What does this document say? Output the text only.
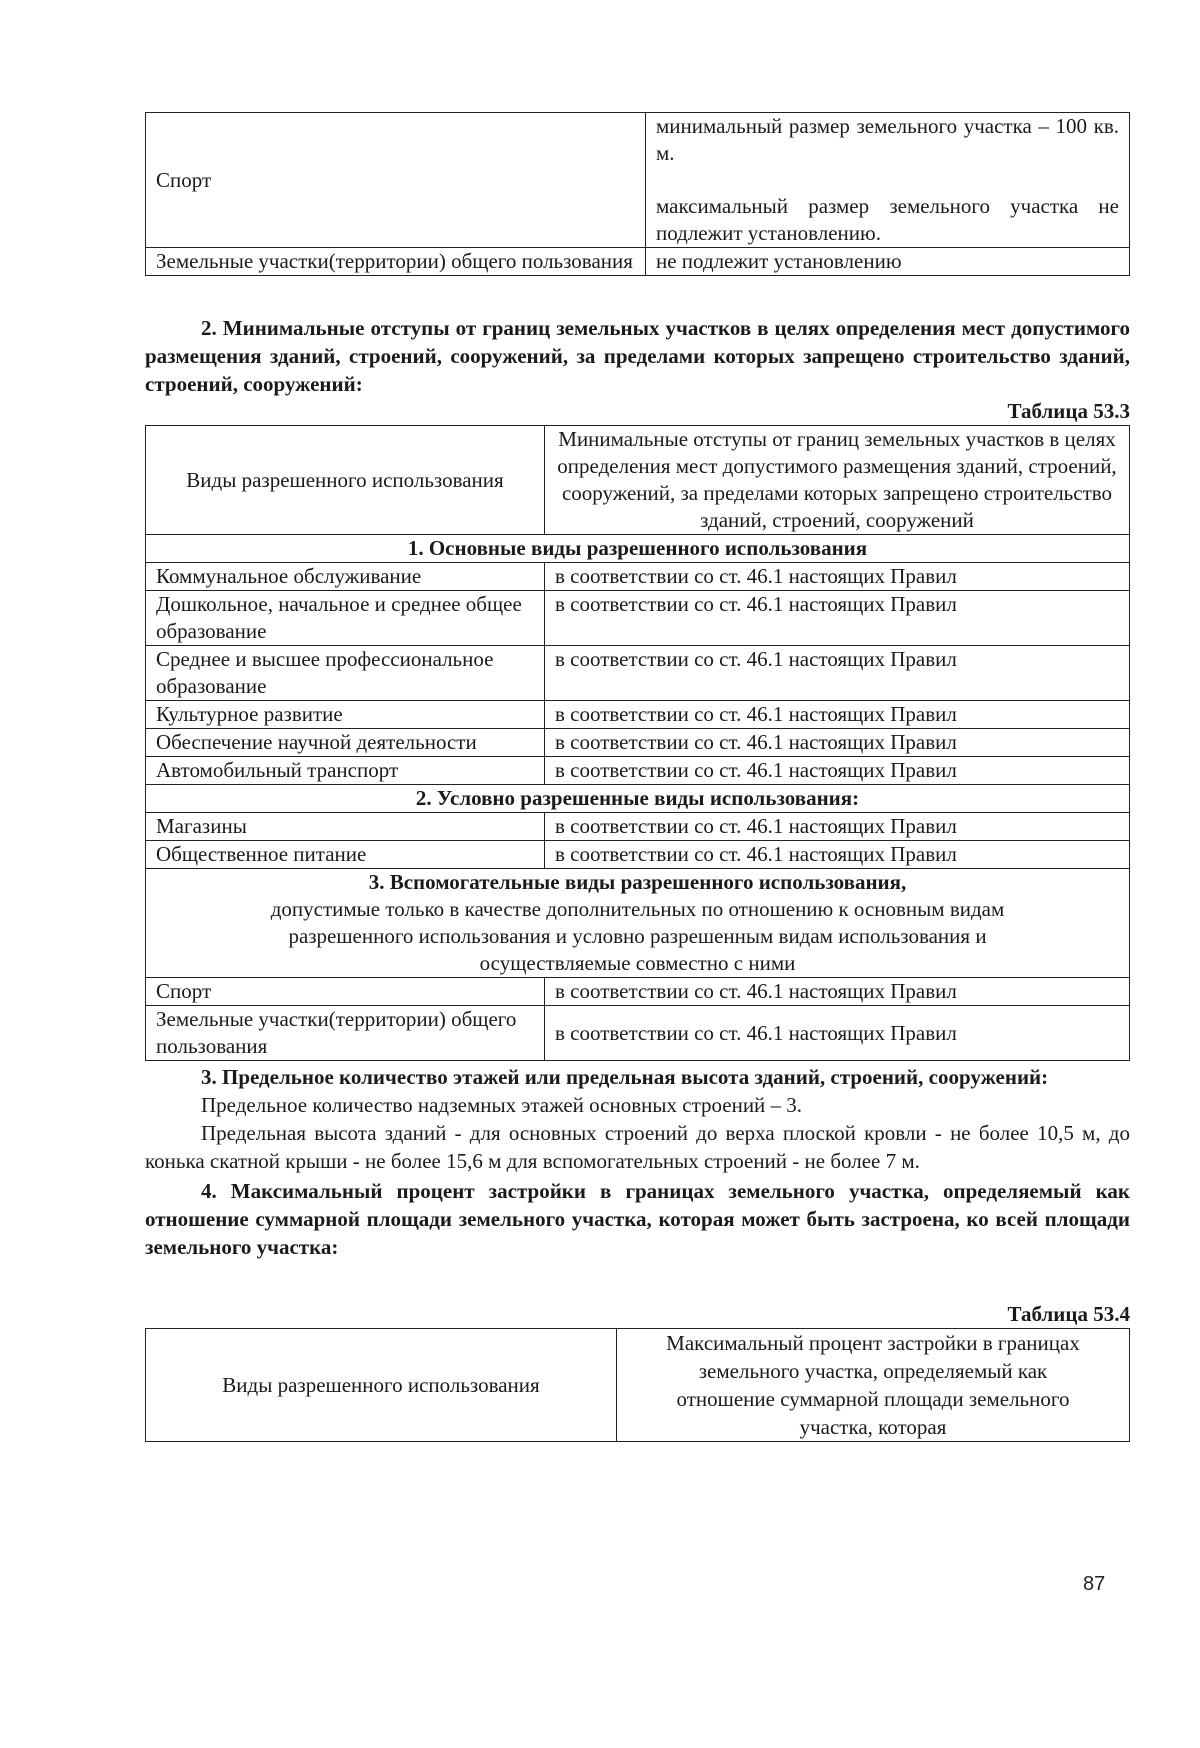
Спорт	минимальный размер земельного участка – 100 кв. м.

максимальный размер земельного участка не подлежит установлению.

Земельные участки(территории) общего пользования	не подлежит установлению

2. Минимальные отступы от границ земельных участков в целях определения мест допустимого размещения зданий, строений, сооружений, за пределами которых запрещено строительство зданий, строений, сооружений:

Таблица 53.3

Виды разрешенного использования	Минимальные отступы от границ земельных участков в целях определения мест допустимого размещения зданий, строений, сооружений, за пределами которых запрещено строительство зданий, строений, сооружений
1. Основные виды разрешенного использования	
Коммунальное обслуживание	в соответствии со ст. 46.1 настоящих Правил
Дошкольное, начальное и среднее общее образование	в соответствии со ст. 46.1 настоящих Правил
Среднее и высшее профессиональное образование	в соответствии со ст. 46.1 настоящих Правил
Культурное развитие	в соответствии со ст. 46.1 настоящих Правил
Обеспечение научной деятельности	в соответствии со ст. 46.1 настоящих Правил
Автомобильный транспорт	в соответствии со ст. 46.1 настоящих Правил
2. Условно разрешенные виды использования:	
Магазины	в соответствии со ст. 46.1 настоящих Правил
Общественное питание	в соответствии со ст. 46.1 настоящих Правил

3. Вспомогательные виды разрешенного использования,
допустимые только в качестве дополнительных по отношению к основным видам разрешенного использования и условно разрешенным видам использования и осуществляемые совместно с ними	

Спорт	в соответствии со ст. 46.1 настоящих Правил
Земельные участки(территории) общего пользования	в соответствии со ст. 46.1 настоящих Правил

3. Предельное количество этажей или предельная высота зданий, строений, сооружений:

Предельное количество надземных этажей основных строений – 3.

Предельная высота зданий - для основных строений до верха плоской кровли - не более 10,5 м, до конька скатной крыши - не более 15,6 м для вспомогательных строений - не более 7 м.

4. Максимальный процент застройки в границах земельного участка, определяемый как отношение суммарной площади земельного участка, которая может быть застроена, ко всей площади земельного участка:

Таблица 53.4

Виды разрешенного использования	Максимальный процент застройки в границах земельного участка, определяемый как отношение суммарной площади земельного участка, которая
87
